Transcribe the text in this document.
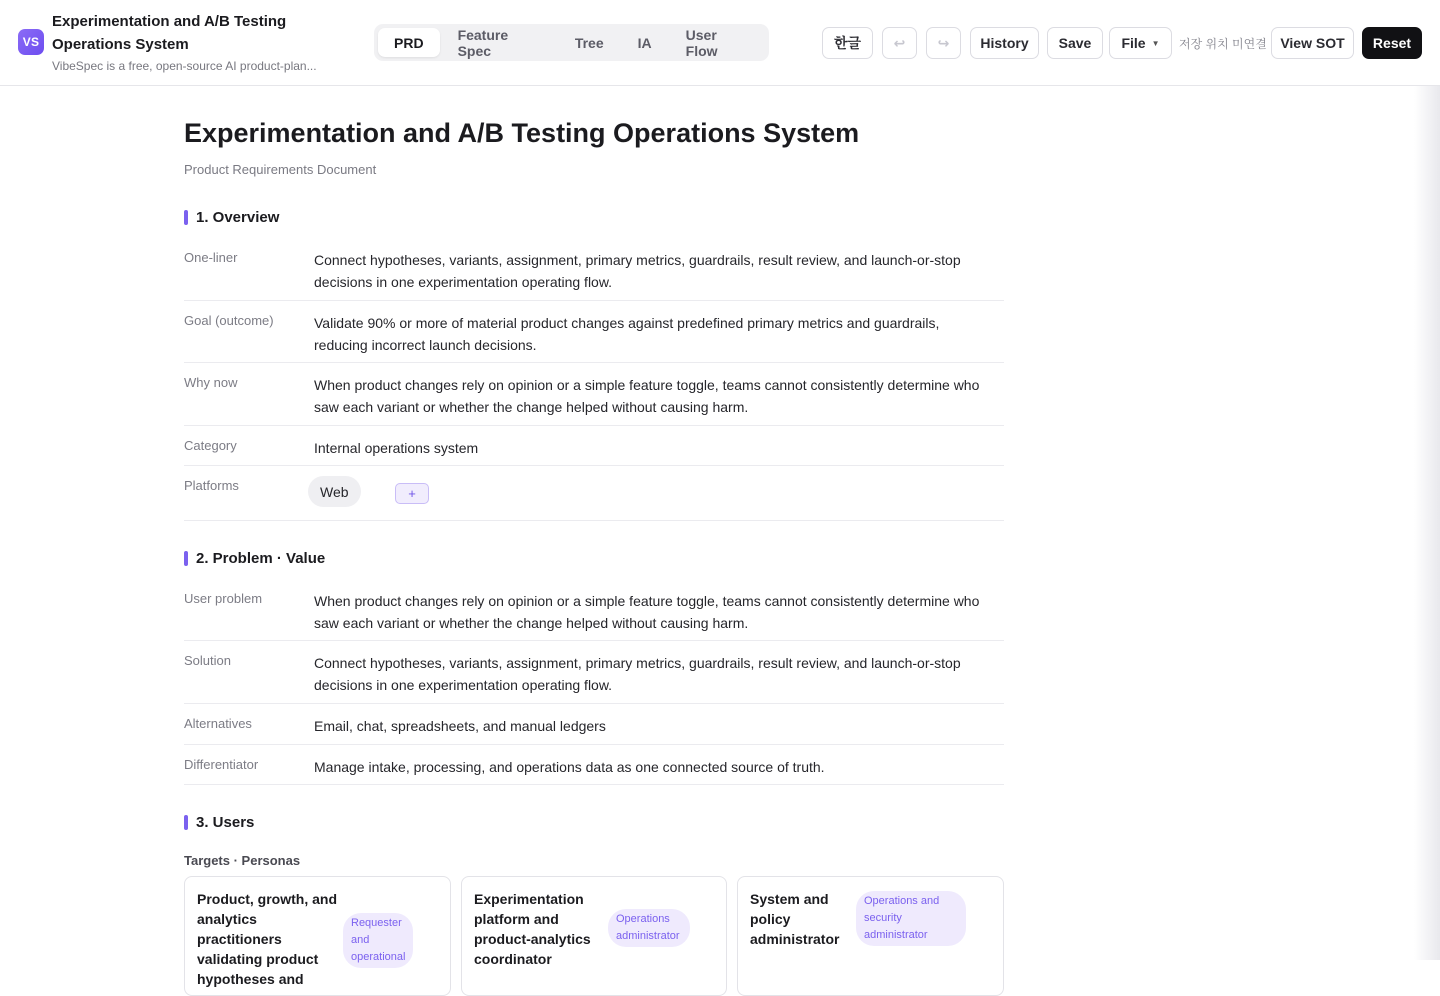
VS
Experimentation and A/B Testing Operations System
VibeSpec is a free, open-source AI product-plan...
PRD	Feature Spec	Tree	IA	User Flow	한글	↩ ↪	History	Save	File ▼ 저장 위치 미연결 View SOT	Reset
Experimentation and A/B Testing Operations System
Product Requirements Document
1. Overview
One-liner	Connect hypotheses, variants, assignment, primary metrics, guardrails, result review, and launch-or-stop decisions in one experimentation operating flow.
Goal (outcome)	Validate 90% or more of material product changes against predefined primary metrics and guardrails, reducing incorrect launch decisions.
Why now	When product changes rely on opinion or a simple feature toggle, teams cannot consistently determine who saw each variant or whether the change helped without causing harm.
Category	Internal operations system
Platforms	Web	+
2. Problem · Value
User problem	When product changes rely on opinion or a simple feature toggle, teams cannot consistently determine who saw each variant or whether the change helped without causing harm.
Solution	Connect hypotheses, variants, assignment, primary metrics, guardrails, result review, and launch-or-stop decisions in one experimentation operating flow.
Alternatives	Email, chat, spreadsheets, and manual ledgers
Differentiator	Manage intake, processing, and operations data as one connected source of truth.
3. Users
Targets · Personas
Product, growth, and analytics practitioners validating product hypotheses and
Requester and operational
Experimentation platform and product-analytics coordinator
Operations administrator
System and policy administrator
Operations and security administrator
